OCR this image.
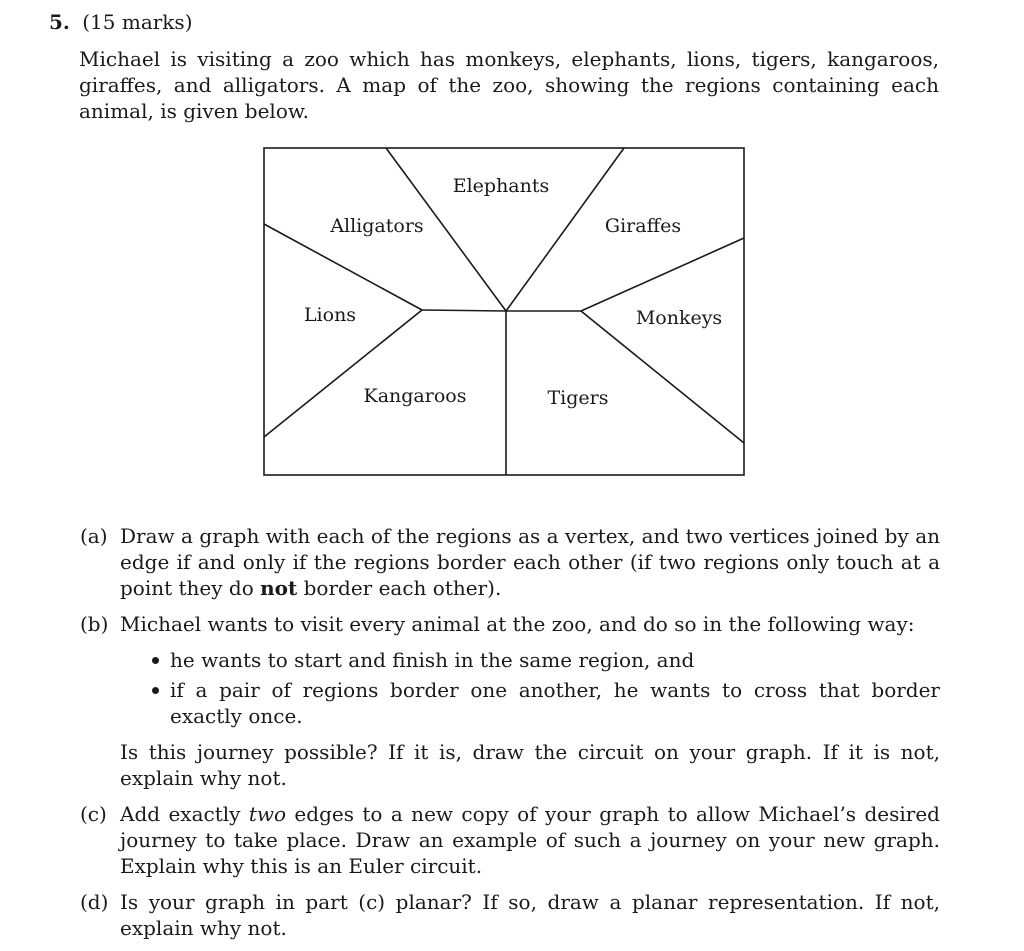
5. (15 marks)
Michael is visiting a zoo which has monkeys, elephants, lions, tigers, kangaroos, giraffes, and alligators. A map of the zoo, showing the regions containing each animal, is given below.
Elephants
Alligators	Giraffes
Lions	Monkeys
Kangaroos	Tigers
(a) Draw a graph with each of the regions as a vertex, and two vertices joined by an edge if and only if the regions border each other (if two regions only touch at a point they do not border each other).
(b) Michael wants to visit every animal at the zoo, and do so in the following way:
he wants to start and finish in the same region, and
if a pair of regions border one another, he wants to cross that border exactly once.
Is this journey possible? If it is, draw the circuit on your graph. If it is not, explain why not.
(c) Add exactly two edges to a new copy of your graph to allow Michael’s desired journey to take place. Draw an example of such a journey on your new graph. Explain why this is an Euler circuit.
(d) Is your graph in part (c) planar? If so, draw a planar representation. If not, explain why not.
